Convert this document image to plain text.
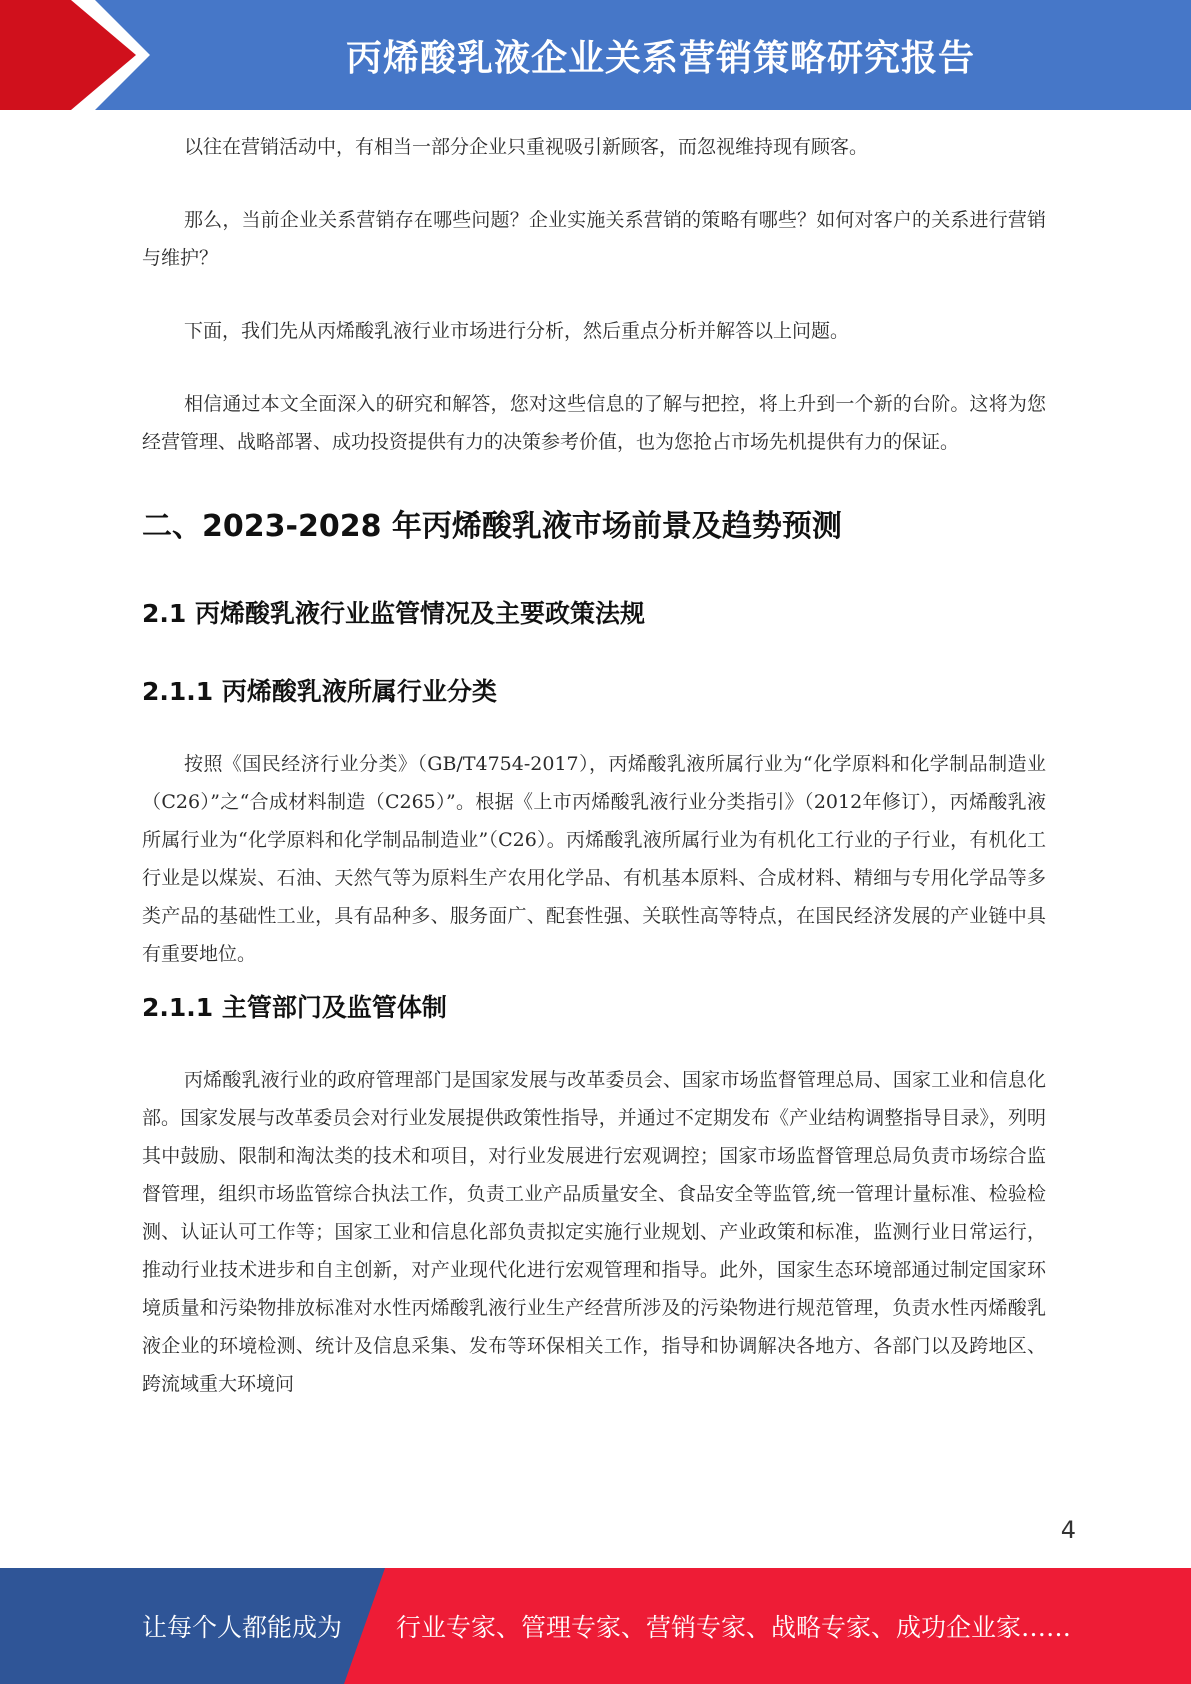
丙烯酸乳液企业关系营销策略研究报告

以往在营销活动中，有相当一部分企业只重视吸引新顾客，而忽视维持现有顾客。

那么，当前企业关系营销存在哪些问题？企业实施关系营销的策略有哪些？如何对客户的关系进行营销与维护？

下面，我们先从丙烯酸乳液行业市场进行分析，然后重点分析并解答以上问题。

相信通过本文全面深入的研究和解答，您对这些信息的了解与把控，将上升到一个新的台阶。这将为您经营管理、战略部署、成功投资提供有力的决策参考价值，也为您抢占市场先机提供有力的保证。

二、2023-2028 年丙烯酸乳液市场前景及趋势预测
2.1 丙烯酸乳液行业监管情况及主要政策法规
2.1.1 丙烯酸乳液所属行业分类

按照《国民经济行业分类》（GB/T4754-2017），丙烯酸乳液所属行业为“化学原料和化学制品制造业（C26）”之“合成材料制造（C265）”。根据《上市丙烯酸乳液行业分类指引》（2012年修订），丙烯酸乳液所属行业为“化学原料和化学制品制造业”（C26）。丙烯酸乳液所属行业为有机化工行业的子行业，有机化工行业是以煤炭、石油、天然气等为原料生产农用化学品、有机基本原料、合成材料、精细与专用化学品等多类产品的基础性工业，具有品种多、服务面广、配套性强、关联性高等特点，在国民经济发展的产业链中具有重要地位。

2.1.1 主管部门及监管体制

丙烯酸乳液行业的政府管理部门是国家发展与改革委员会、国家市场监督管理总局、国家工业和信息化部。国家发展与改革委员会对行业发展提供政策性指导，并通过不定期发布《产业结构调整指导目录》，列明其中鼓励、限制和淘汰类的技术和项目，对行业发展进行宏观调控；国家市场监督管理总局负责市场综合监督管理，组织市场监管综合执法工作，负责工业产品质量安全、食品安全等监管,统一管理计量标准、检验检测、认证认可工作等；国家工业和信息化部负责拟定实施行业规划、产业政策和标准，监测行业日常运行，推动行业技术进步和自主创新，对产业现代化进行宏观管理和指导。此外，国家生态环境部通过制定国家环境质量和污染物排放标准对水性丙烯酸乳液行业生产经营所涉及的污染物进行规范管理，负责水性丙烯酸乳液企业的环境检测、统计及信息采集、发布等环保相关工作，指导和协调解决各地方、各部门以及跨地区、跨流域重大环境问

4
让每个人都能成为 行业专家、管理专家、营销专家、战略专家、成功企业家……
